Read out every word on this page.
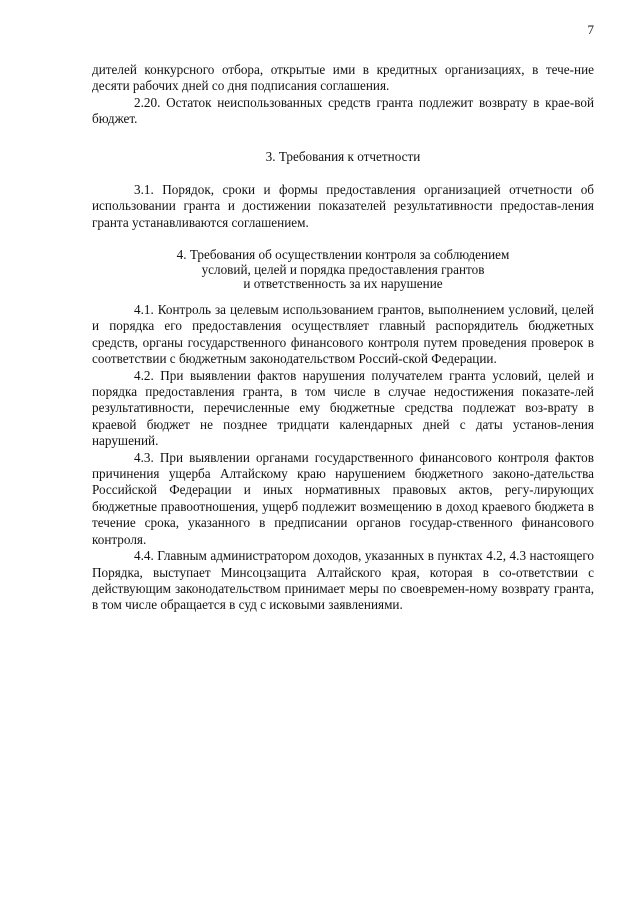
7

дителей конкурсного отбора, открытые ими в кредитных организациях, в тече-ние десяти рабочих дней со дня подписания соглашения.

2.20. Остаток неиспользованных средств гранта подлежит возврату в крае-вой бюджет.

3. Требования к отчетности

3.1. Порядок, сроки и формы предоставления организацией отчетности об использовании гранта и достижении показателей результативности предостав-ления гранта устанавливаются соглашением.

4. Требования об осуществлении контроля за соблюдением
условий, целей и порядка предоставления грантов
и ответственность за их нарушение

4.1. Контроль за целевым использованием грантов, выполнением условий, целей и порядка его предоставления осуществляет главный распорядитель бюджетных средств, органы государственного финансового контроля путем проведения проверок в соответствии с бюджетным законодательством Россий-ской Федерации.

4.2. При выявлении фактов нарушения получателем гранта условий, целей и порядка предоставления гранта, в том числе в случае недостижения показате-лей результативности, перечисленные ему бюджетные средства подлежат воз-врату в краевой бюджет не позднее тридцати календарных дней с даты установ-ления нарушений.

4.3. При выявлении органами государственного финансового контроля фактов причинения ущерба Алтайскому краю нарушением бюджетного законо-дательства Российской Федерации и иных нормативных правовых актов, регу-лирующих бюджетные правоотношения, ущерб подлежит возмещению в доход краевого бюджета в течение срока, указанного в предписании органов государ-ственного финансового контроля.

4.4. Главным администратором доходов, указанных в пунктах 4.2, 4.3 настоящего Порядка, выступает Минсоцзащита Алтайского края, которая в со-ответствии с действующим законодательством принимает меры по своевремен-ному возврату гранта, в том числе обращается в суд с исковыми заявлениями.
